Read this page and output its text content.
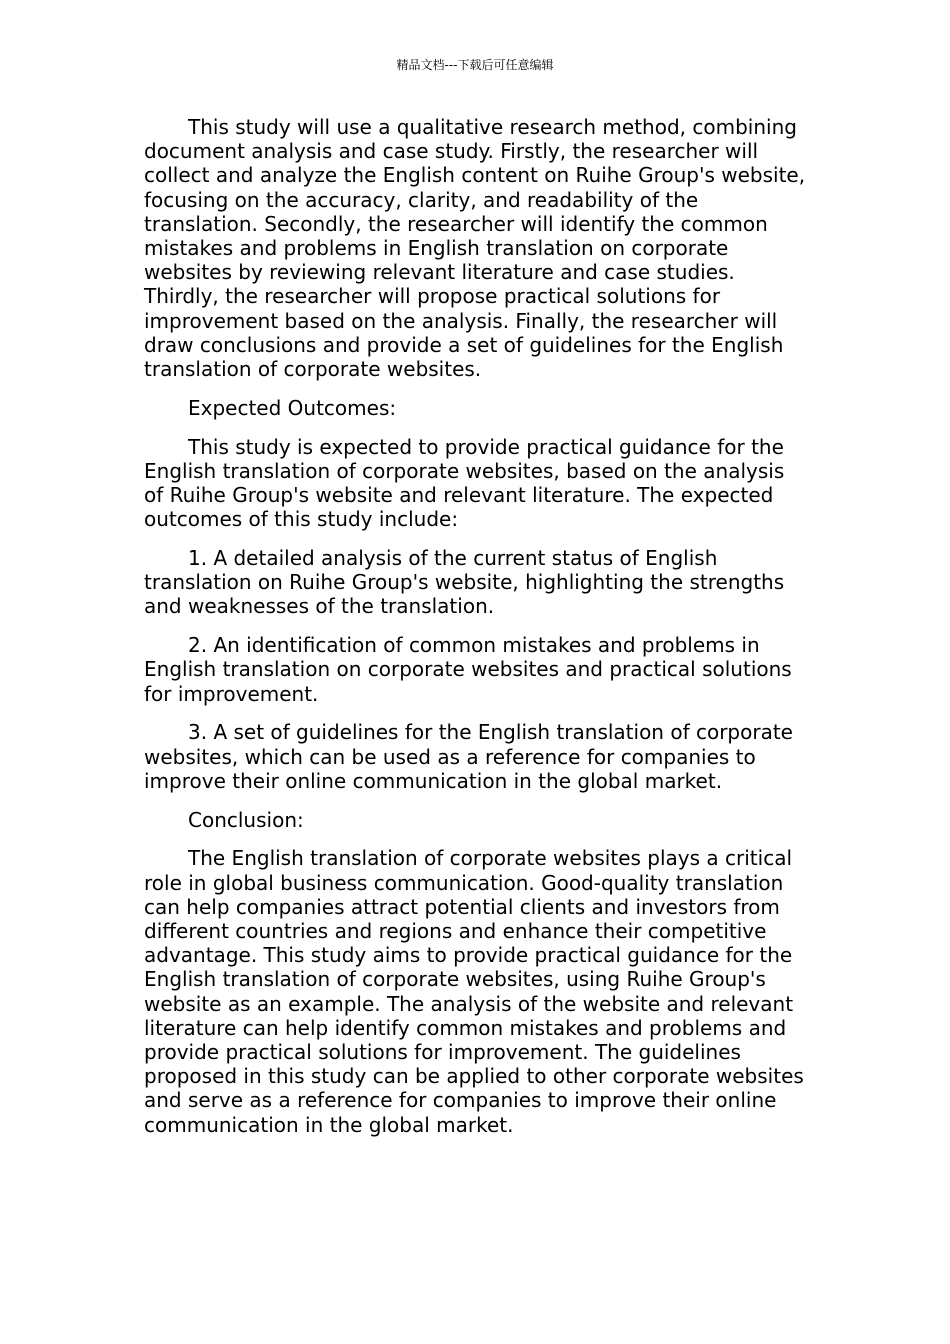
精品文档---下载后可任意编辑

This study will use a qualitative research method, combining document analysis and case study. Firstly, the researcher will collect and analyze the English content on Ruihe Group's website, focusing on the accuracy, clarity, and readability of the translation. Secondly, the researcher will identify the common mistakes and problems in English translation on corporate websites by reviewing relevant literature and case studies. Thirdly, the researcher will propose practical solutions for improvement based on the analysis. Finally, the researcher will draw conclusions and provide a set of guidelines for the English translation of corporate websites.

Expected Outcomes:

This study is expected to provide practical guidance for the English translation of corporate websites, based on the analysis of Ruihe Group's website and relevant literature. The expected outcomes of this study include:

1. A detailed analysis of the current status of English translation on Ruihe Group's website, highlighting the strengths and weaknesses of the translation.

2. An identification of common mistakes and problems in English translation on corporate websites and practical solutions for improvement.

3. A set of guidelines for the English translation of corporate websites, which can be used as a reference for companies to improve their online communication in the global market.

Conclusion:

The English translation of corporate websites plays a critical role in global business communication. Good-quality translation can help companies attract potential clients and investors from different countries and regions and enhance their competitive advantage. This study aims to provide practical guidance for the English translation of corporate websites, using Ruihe Group's website as an example. The analysis of the website and relevant literature can help identify common mistakes and problems and provide practical solutions for improvement. The guidelines proposed in this study can be applied to other corporate websites and serve as a reference for companies to improve their online communication in the global market.
